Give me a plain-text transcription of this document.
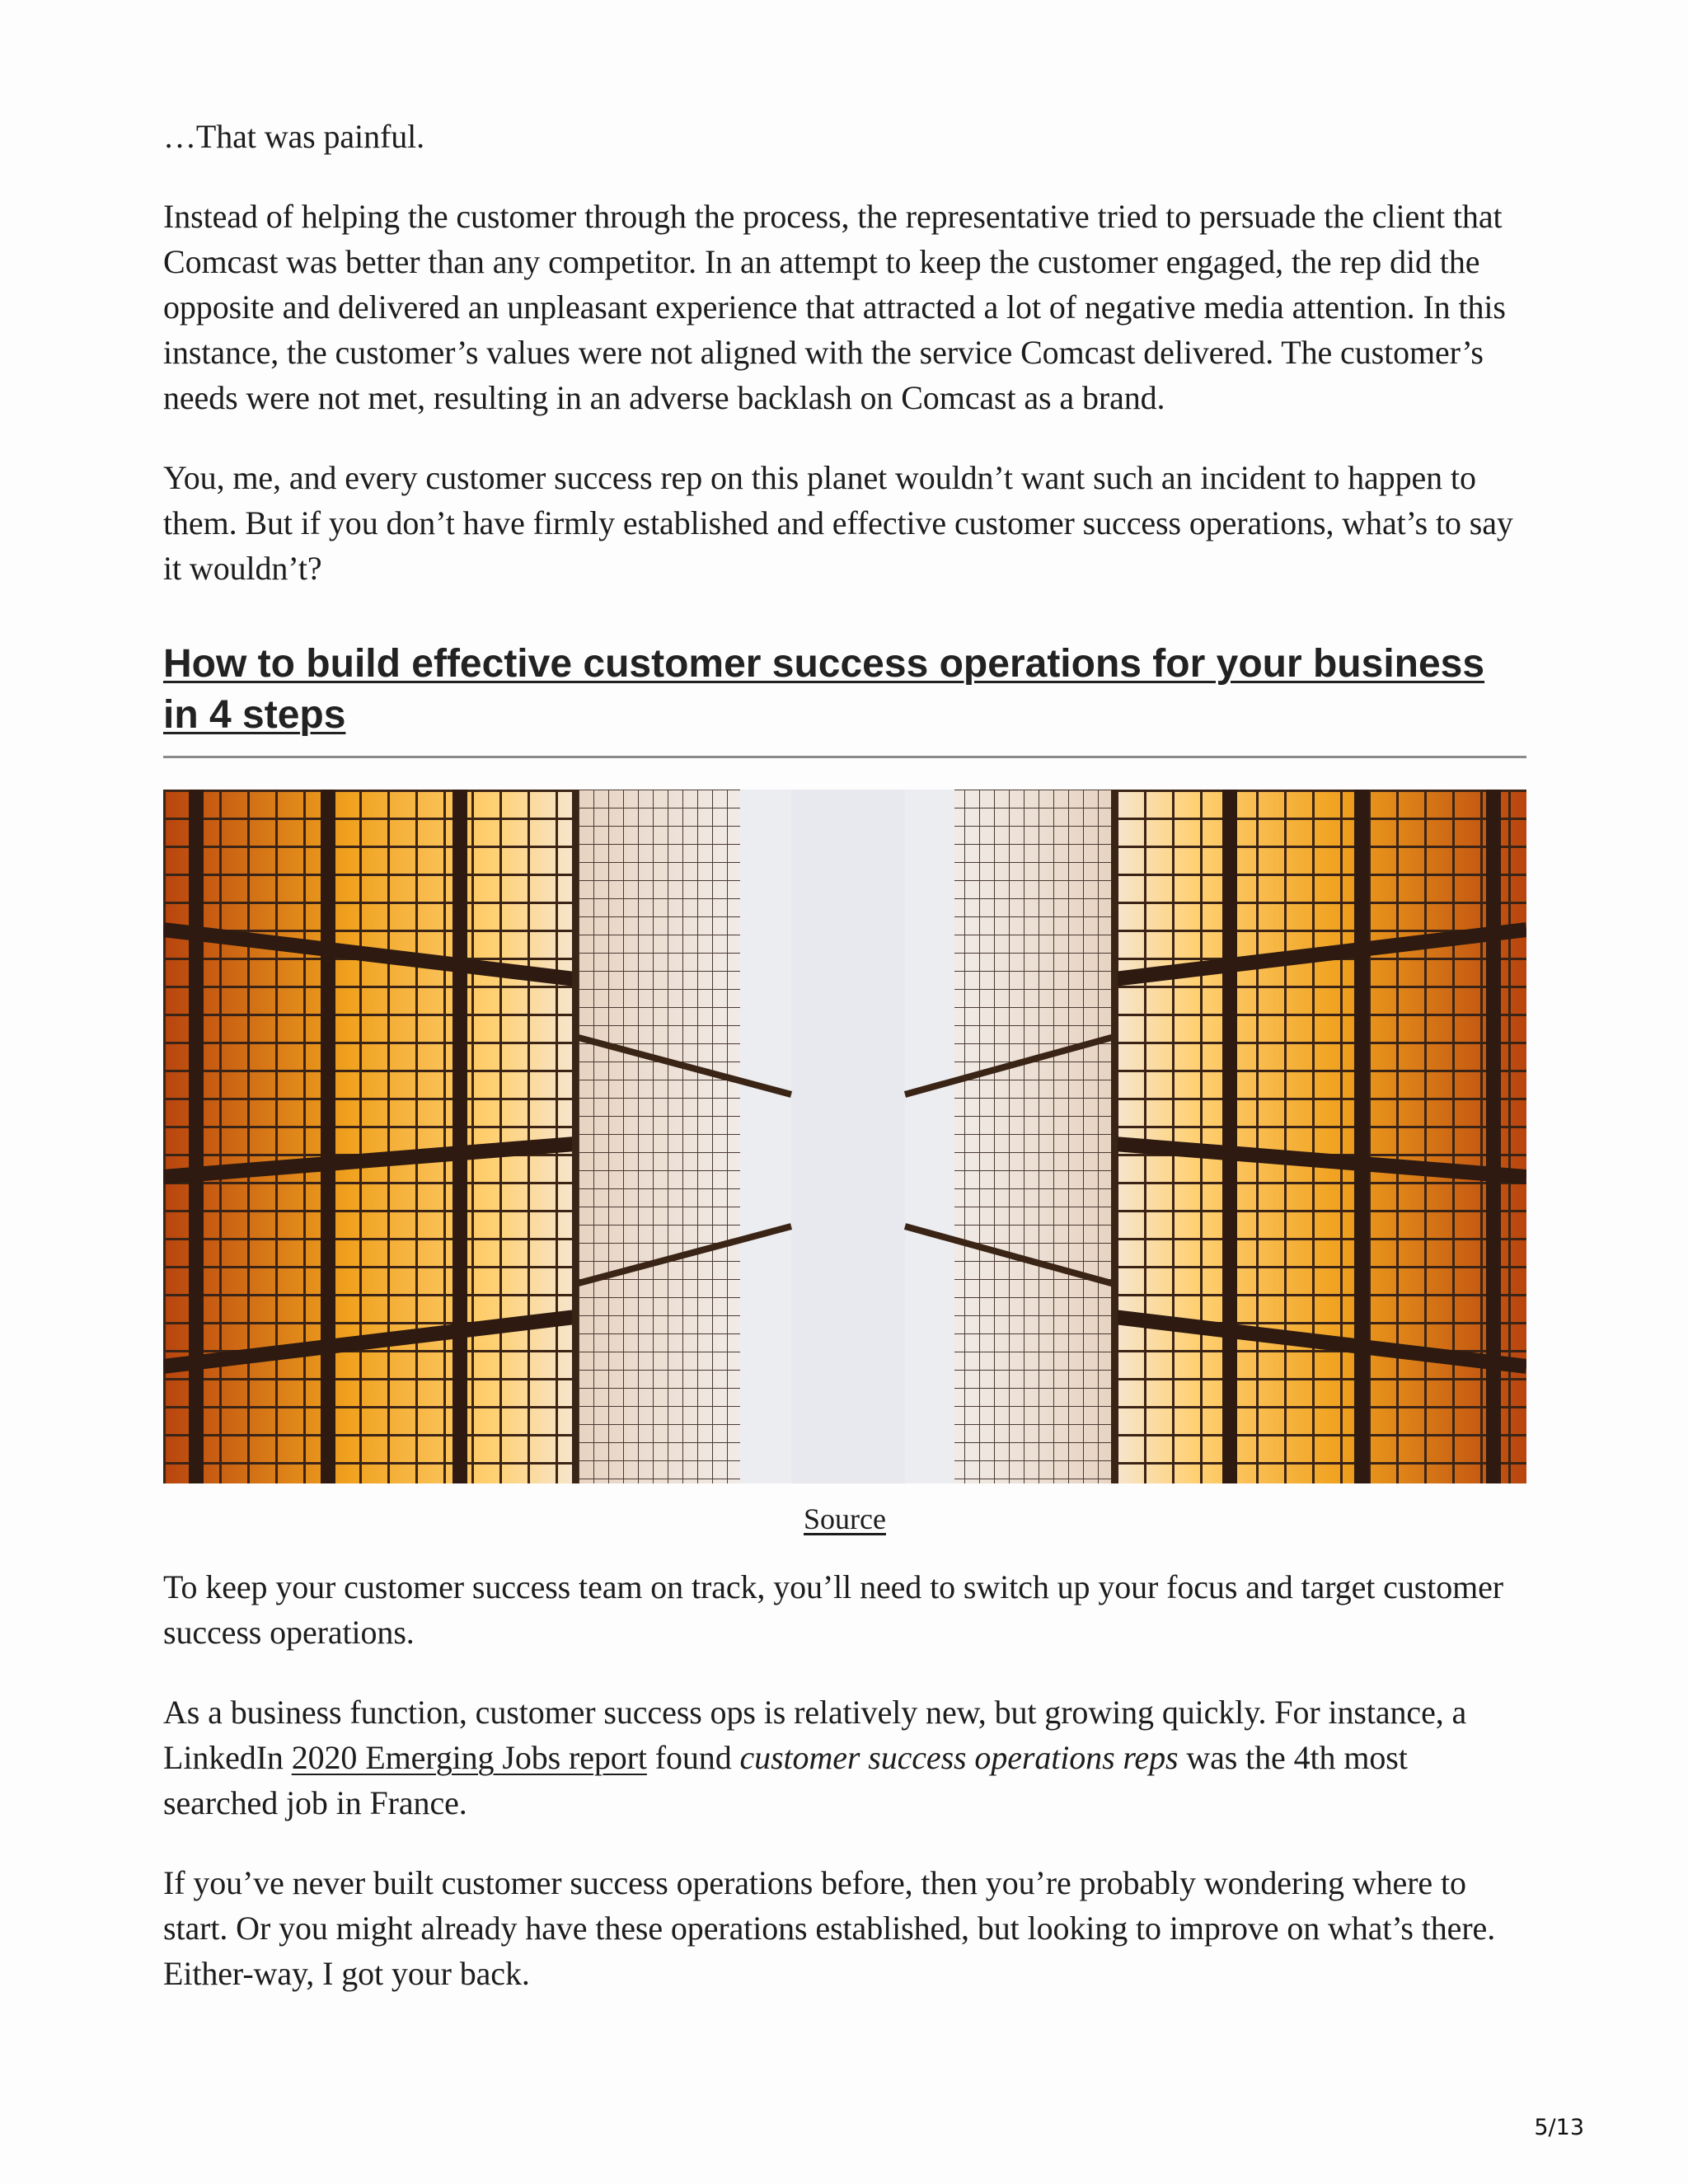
…That was painful.

Instead of helping the customer through the process, the representative tried to persuade the client that Comcast was better than any competitor. In an attempt to keep the customer engaged, the rep did the opposite and delivered an unpleasant experience that attracted a lot of negative media attention. In this instance, the customer’s values were not aligned with the service Comcast delivered. The customer’s needs were not met, resulting in an adverse backlash on Comcast as a brand.

You, me, and every customer success rep on this planet wouldn’t want such an incident to happen to them. But if you don’t have firmly established and effective customer success operations, what’s to say it wouldn’t?

How to build effective customer success operations for your business in 4 steps
Source

To keep your customer success team on track, you’ll need to switch up your focus and target customer success operations.

As a business function, customer success ops is relatively new, but growing quickly. For instance, a LinkedIn 2020 Emerging Jobs report found customer success operations reps was the 4th most searched job in France.

If you’ve never built customer success operations before, then you’re probably wondering where to start. Or you might already have these operations established, but looking to improve on what’s there. Either-way, I got your back.

5/13
